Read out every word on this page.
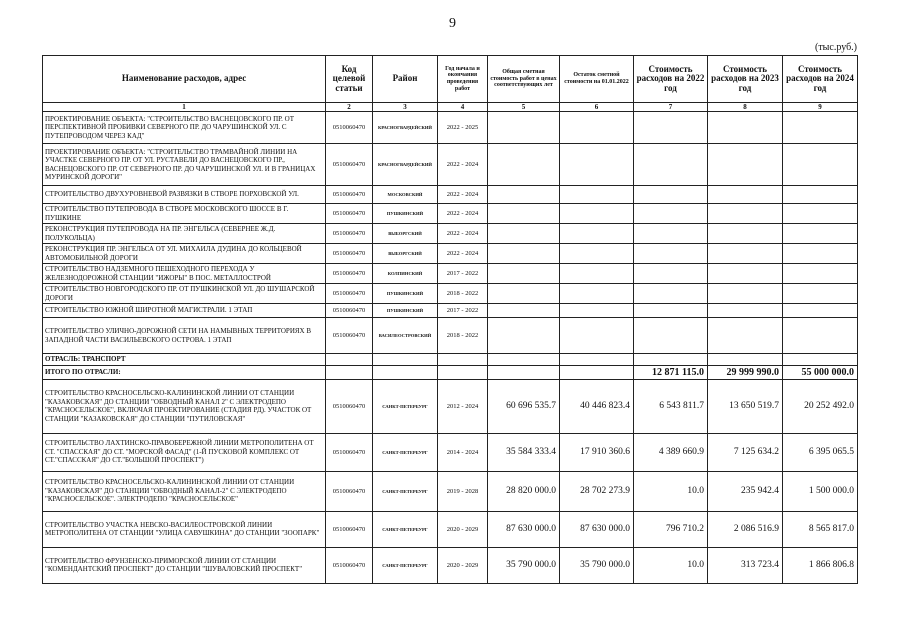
9
(тыс.руб.)
Наименование расходов, адрес	Код целевой статьи	Район	Год начала и окончания проведения работ	Общая сметная стоимость работ в ценах соответствующих лет	Остаток сметной стоимости на 01.01.2022	Стоимость расходов на 2022 год	Стоимость расходов на 2023 год	Стоимость расходов на 2024 год
1	2	3	4	5	6	7	8	9
ПРОЕКТИРОВАНИЕ ОБЪЕКТА: "СТРОИТЕЛЬСТВО ВАСНЕЦОВСКОГО ПР. ОТ ПЕРСПЕКТИВНОЙ ПРОБИВКИ СЕВЕРНОГО ПР. ДО ЧАРУШИНСКОЙ УЛ. С ПУТЕПРОВОДОМ ЧЕРЕЗ КАД"	0510060470	КРАСНОГВАРДЕЙСКИЙ	2022 - 2025					
ПРОЕКТИРОВАНИЕ ОБЪЕКТА: "СТРОИТЕЛЬСТВО ТРАМВАЙНОЙ ЛИНИИ НА УЧАСТКЕ СЕВЕРНОГО ПР. ОТ УЛ. РУСТАВЕЛИ ДО ВАСНЕЦОВСКОГО ПР., ВАСНЕЦОВСКОГО ПР. ОТ СЕВЕРНОГО ПР. ДО ЧАРУШИНСКОЙ УЛ. И В ГРАНИЦАХ МУРИНСКОЙ ДОРОГИ"	0510060470	КРАСНОГВАРДЕЙСКИЙ	2022 - 2024					
СТРОИТЕЛЬСТВО ДВУХУРОВНЕВОЙ РАЗВЯЗКИ В СТВОРЕ ПОРХОВСКОЙ УЛ.	0510060470	МОСКОВСКИЙ	2022 - 2024					
СТРОИТЕЛЬСТВО ПУТЕПРОВОДА В СТВОРЕ МОСКОВСКОГО ШОССЕ В Г. ПУШКИНЕ	0510060470	ПУШКИНСКИЙ	2022 - 2024					
РЕКОНСТРУКЦИЯ ПУТЕПРОВОДА НА ПР. ЭНГЕЛЬСА (СЕВЕРНЕЕ Ж.Д. ПОЛУКОЛЬЦА)	0510060470	ВЫБОРГСКИЙ	2022 - 2024					
РЕКОНСТРУКЦИЯ ПР. ЭНГЕЛЬСА ОТ УЛ. МИХАИЛА ДУДИНА ДО КОЛЬЦЕВОЙ АВТОМОБИЛЬНОЙ ДОРОГИ	0510060470	ВЫБОРГСКИЙ	2022 - 2024					
СТРОИТЕЛЬСТВО НАДЗЕМНОГО ПЕШЕХОДНОГО ПЕРЕХОДА У ЖЕЛЕЗНОДОРОЖНОЙ СТАНЦИИ "ИЖОРЫ" В ПОС. МЕТАЛЛОСТРОЙ	0510060470	КОЛПИНСКИЙ	2017 - 2022					
СТРОИТЕЛЬСТВО НОВГОРОДСКОГО ПР. ОТ ПУШКИНСКОЙ УЛ. ДО ШУШАРСКОЙ ДОРОГИ	0510060470	ПУШКИНСКИЙ	2018 - 2022					
СТРОИТЕЛЬСТВО ЮЖНОЙ ШИРОТНОЙ МАГИСТРАЛИ. 1 ЭТАП	0510060470	ПУШКИНСКИЙ	2017 - 2022					
СТРОИТЕЛЬСТВО УЛИЧНО-ДОРОЖНОЙ СЕТИ НА НАМЫВНЫХ ТЕРРИТОРИЯХ В ЗАПАДНОЙ ЧАСТИ ВАСИЛЬЕВСКОГО ОСТРОВА. 1 ЭТАП	0510060470	ВАСИЛЕОСТРОВСКИЙ	2018 - 2022					
ОТРАСЛЬ: ТРАНСПОРТ								
ИТОГО ПО ОТРАСЛИ:						12 871 115.0	29 999 990.0	55 000 000.0
СТРОИТЕЛЬСТВО КРАСНОСЕЛЬСКО-КАЛИНИНСКОЙ ЛИНИИ ОТ СТАНЦИИ "КАЗАКОВСКАЯ" ДО СТАНЦИИ "ОБВОДНЫЙ КАНАЛ 2" С ЭЛЕКТРОДЕПО "КРАСНОСЕЛЬСКОЕ", ВКЛЮЧАЯ ПРОЕКТИРОВАНИЕ (СТАДИЯ РД). УЧАСТОК ОТ СТАНЦИИ "КАЗАКОВСКАЯ" ДО СТАНЦИИ "ПУТИЛОВСКАЯ"	0510060470	САНКТ-ПЕТЕРБУРГ	2012 - 2024	60 696 535.7	40 446 823.4	6 543 811.7	13 650 519.7	20 252 492.0
СТРОИТЕЛЬСТВО ЛАХТИНСКО-ПРАВОБЕРЕЖНОЙ ЛИНИИ МЕТРОПОЛИТЕНА ОТ СТ. "СПАССКАЯ" ДО СТ. "МОРСКОЙ ФАСАД" (1-Й ПУСКОВОЙ КОМПЛЕКС ОТ СТ."СПАССКАЯ" ДО СТ."БОЛЬШОЙ ПРОСПЕКТ")	0510060470	САНКТ-ПЕТЕРБУРГ	2014 - 2024	35 584 333.4	17 910 360.6	4 389 660.9	7 125 634.2	6 395 065.5
СТРОИТЕЛЬСТВО КРАСНОСЕЛЬСКО-КАЛИНИНСКОЙ ЛИНИИ ОТ СТАНЦИИ "КАЗАКОВСКАЯ" ДО СТАНЦИИ "ОБВОДНЫЙ КАНАЛ-2" С ЭЛЕКТРОДЕПО "КРАСНОСЕЛЬСКОЕ". ЭЛЕКТРОДЕПО "КРАСНОСЕЛЬСКОЕ"	0510060470	САНКТ-ПЕТЕРБУРГ	2019 - 2028	28 820 000.0	28 702 273.9	10.0	235 942.4	1 500 000.0
СТРОИТЕЛЬСТВО УЧАСТКА НЕВСКО-ВАСИЛЕОСТРОВСКОЙ ЛИНИИ МЕТРОПОЛИТЕНА ОТ СТАНЦИИ "УЛИЦА САВУШКИНА" ДО СТАНЦИИ "ЗООПАРК"	0510060470	САНКТ-ПЕТЕРБУРГ	2020 - 2029	87 630 000.0	87 630 000.0	796 710.2	2 086 516.9	8 565 817.0
СТРОИТЕЛЬСТВО ФРУНЗЕНСКО-ПРИМОРСКОЙ ЛИНИИ ОТ СТАНЦИИ "КОМЕНДАНТСКИЙ ПРОСПЕКТ" ДО СТАНЦИИ "ШУВАЛОВСКИЙ ПРОСПЕКТ"	0510060470	САНКТ-ПЕТЕРБУРГ	2020 - 2029	35 790 000.0	35 790 000.0	10.0	313 723.4	1 866 806.8
